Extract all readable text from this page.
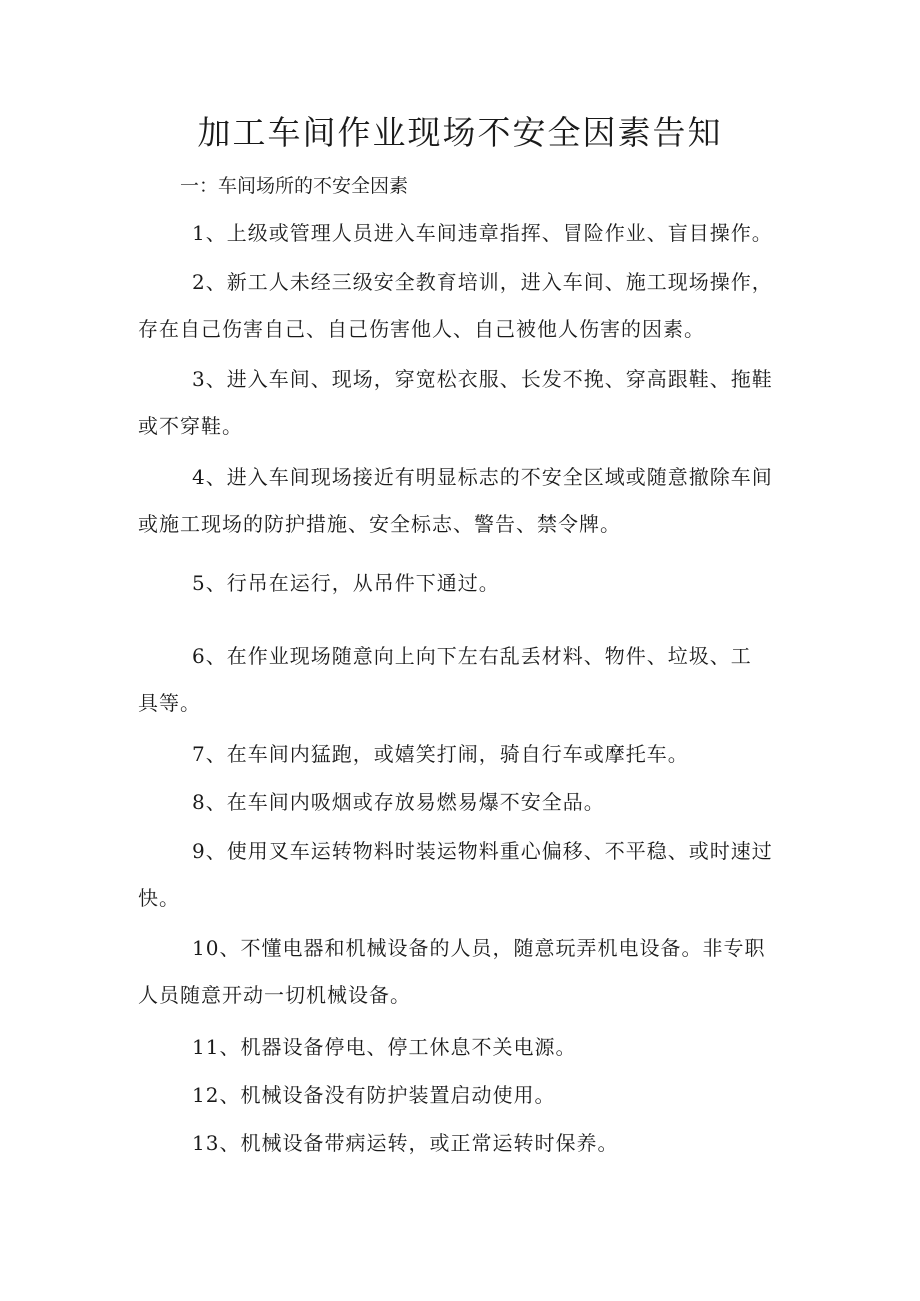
加工车间作业现场不安全因素告知
一：车间场所的不安全因素
1、上级或管理人员进入车间违章指挥、冒险作业、盲目操作。
2、新工人未经三级安全教育培训，进入车间、施工现场操作，
存在自己伤害自己、自己伤害他人、自己被他人伤害的因素。
3、进入车间、现场，穿宽松衣服、长发不挽、穿高跟鞋、拖鞋
或不穿鞋。
4、进入车间现场接近有明显标志的不安全区域或随意撤除车间
或施工现场的防护措施、安全标志、警告、禁令牌。
5、行吊在运行，从吊件下通过。
6、在作业现场随意向上向下左右乱丢材料、物件、垃圾、工
具等。
7、在车间内猛跑，或嬉笑打闹，骑自行车或摩托车。
8、在车间内吸烟或存放易燃易爆不安全品。
9、使用叉车运转物料时装运物料重心偏移、不平稳、或时速过
快。
10、不懂电器和机械设备的人员，随意玩弄机电设备。非专职
人员随意开动一切机械设备。
11、机器设备停电、停工休息不关电源。
12、机械设备没有防护装置启动使用。
13、机械设备带病运转，或正常运转时保养。
